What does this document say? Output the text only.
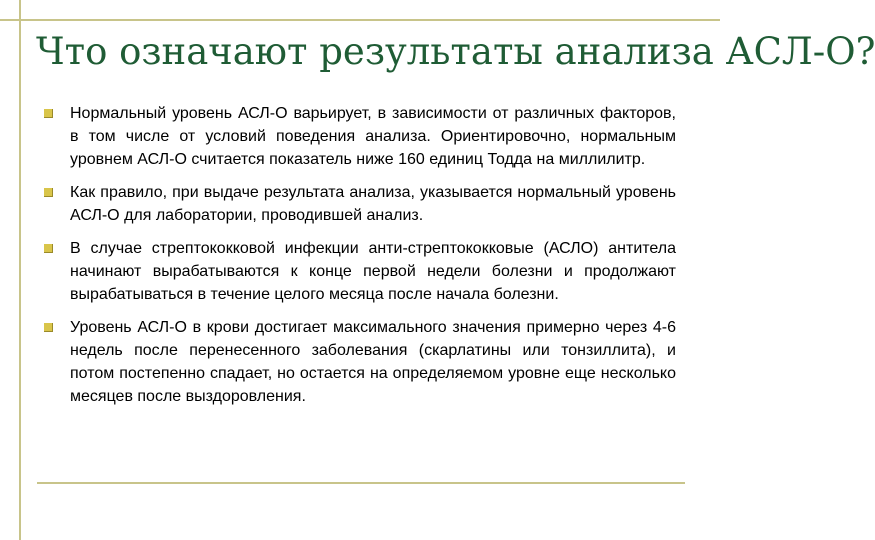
Что означают результаты анализа АСЛ-О?
Нормальный уровень АСЛ-О варьирует, в зависимости от различных факторов, в том числе от условий поведения анализа. Ориентировочно, нормальным уровнем АСЛ-О считается показатель ниже 160 единиц Тодда на миллилитр.
Как правило, при выдаче результата анализа, указывается нормальный уровень АСЛ-О для лаборатории, проводившей анализ.
В случае стрептококковой инфекции анти-стрептококковые (АСЛО) антитела начинают вырабатываются к конце первой недели болезни и продолжают вырабатываться в течение целого месяца после начала болезни.
Уровень АСЛ-О в крови достигает максимального значения примерно через 4-6 недель после перенесенного заболевания (скарлатины или тонзиллита), и потом постепенно спадает, но остается на определяемом уровне еще несколько месяцев после выздоровления.
